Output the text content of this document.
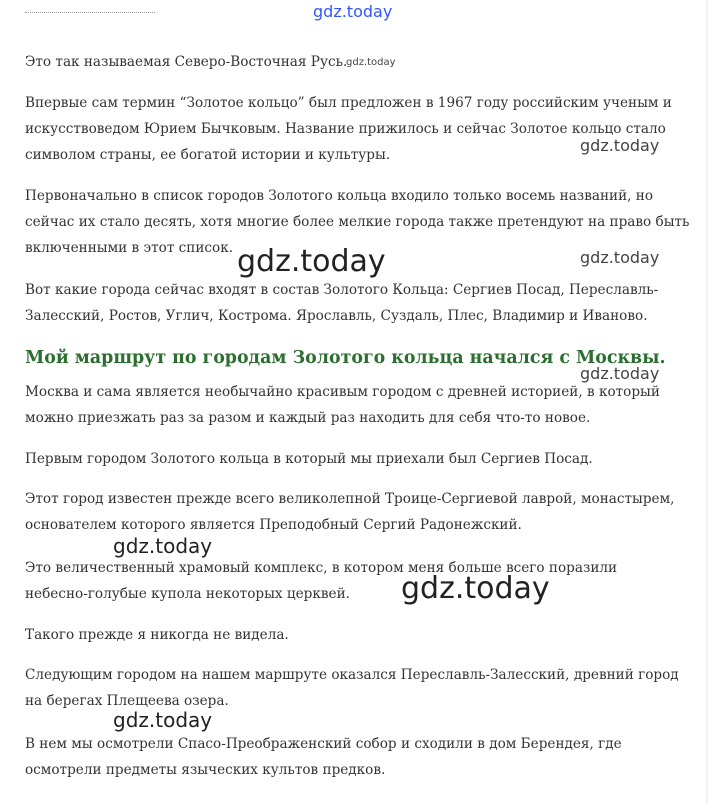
gdz.today
Это так называемая Северо-Восточная Русь.
gdz.today
Впервые сам термин “Золотое кольцо” был предложен в 1967 году российским ученым и
искусствоведом Юрием Бычковым. Название прижилось и сейчас Золотое кольцо стало
gdz.today
символом страны, ее богатой истории и культуры.
Первоначально в список городов Золотого кольца входило только восемь названий, но
сейчас их стало десять, хотя многие более мелкие города также претендуют на право быть
включенными в этот список. gdz.today	gdz.today
Вот какие города сейчас входят в состав Золотого Кольца: Сергиев Посад, Переславль-
Залесский, Ростов, Углич, Кострома. Ярославль, Суздаль, Плес, Владимир и Иваново.
Мой маршрут по городам Золотого кольца начался с Москвы.
gdz.today
Москва и сама является необычайно красивым городом с древней историей, в который
можно приезжать раз за разом и каждый раз находить для себя что-то новое.
Первым городом Золотого кольца в который мы приехали был Сергиев Посад.
Этот город известен прежде всего великолепной Троице-Сергиевой лаврой, монастырем,
основателем которого является Преподобный Сергий Радонежский.
gdz.today
Это величественный храмовый комплекс, в котором меня больше всего поразили
gdz.today
небесно-голубые купола некоторых церквей.
Такого прежде я никогда не видела.
Следующим городом на нашем маршруте оказался Переславль-Залесский, древний город
на берегах Плещеева озера.
gdz.today
В нем мы осмотрели Спасо-Преображенский собор и сходили в дом Берендея, где
осмотрели предметы языческих культов предков.
